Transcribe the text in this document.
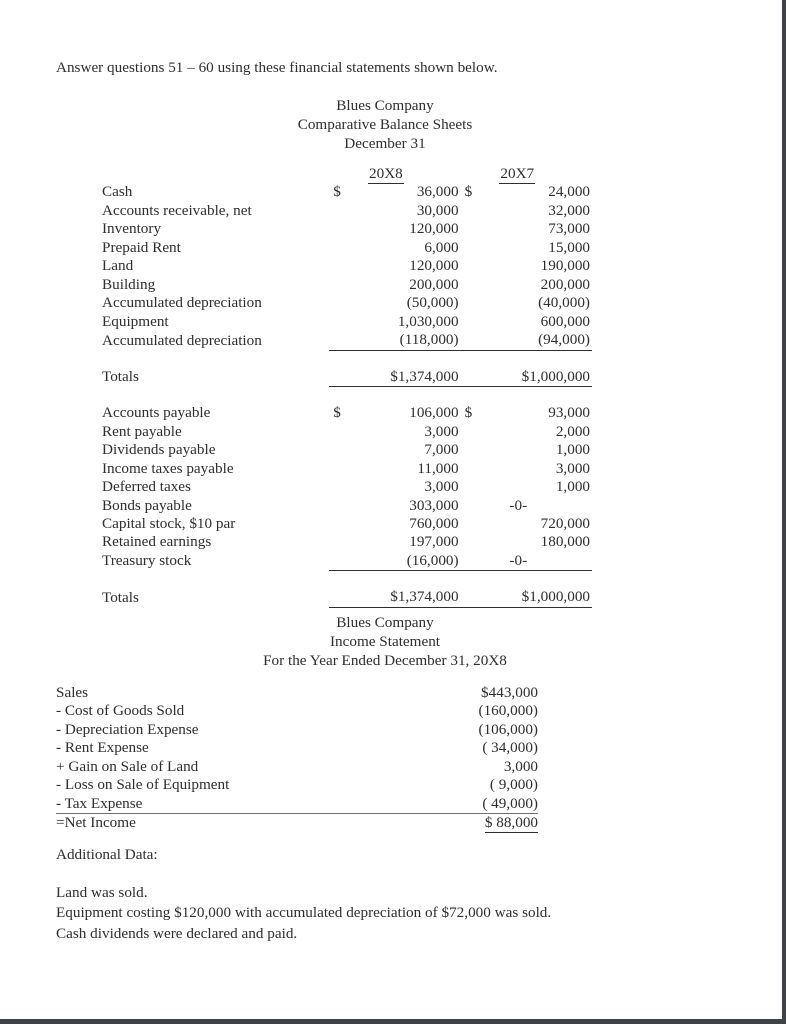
Answer questions 51 – 60 using these financial statements shown below.
Blues Company
Comparative Balance Sheets
December 31
	20X8	20X7
Cash	$ 36,000	$ 24,000
Accounts receivable, net	30,000	32,000
Inventory	120,000	73,000
Prepaid Rent	6,000	15,000
Land	120,000	190,000
Building	200,000	200,000
Accumulated depreciation	(50,000)	(40,000)
Equipment	1,030,000	600,000
Accumulated depreciation	(118,000)	(94,000)

Totals	$1,374,000	$1,000,000

Accounts payable	$ 106,000	$ 93,000
Rent payable	3,000	2,000
Dividends payable	7,000	1,000
Income taxes payable	11,000	3,000
Deferred taxes	3,000	1,000
Bonds payable	303,000	-0-
Capital stock, $10 par	760,000	720,000
Retained earnings	197,000	180,000
Treasury stock	(16,000)	-0-

Totals	$1,374,000	$1,000,000
Blues Company
Income Statement
For the Year Ended December 31, 20X8
Sales	$443,000
- Cost of Goods Sold	(160,000)
- Depreciation Expense	(106,000)
- Rent Expense	( 34,000)
+ Gain on Sale of Land	3,000
- Loss on Sale of Equipment	( 9,000)
- Tax Expense	( 49,000)
=Net Income	$ 88,000
Additional Data:
Land was sold.
Equipment costing $120,000 with accumulated depreciation of $72,000 was sold.
Cash dividends were declared and paid.
